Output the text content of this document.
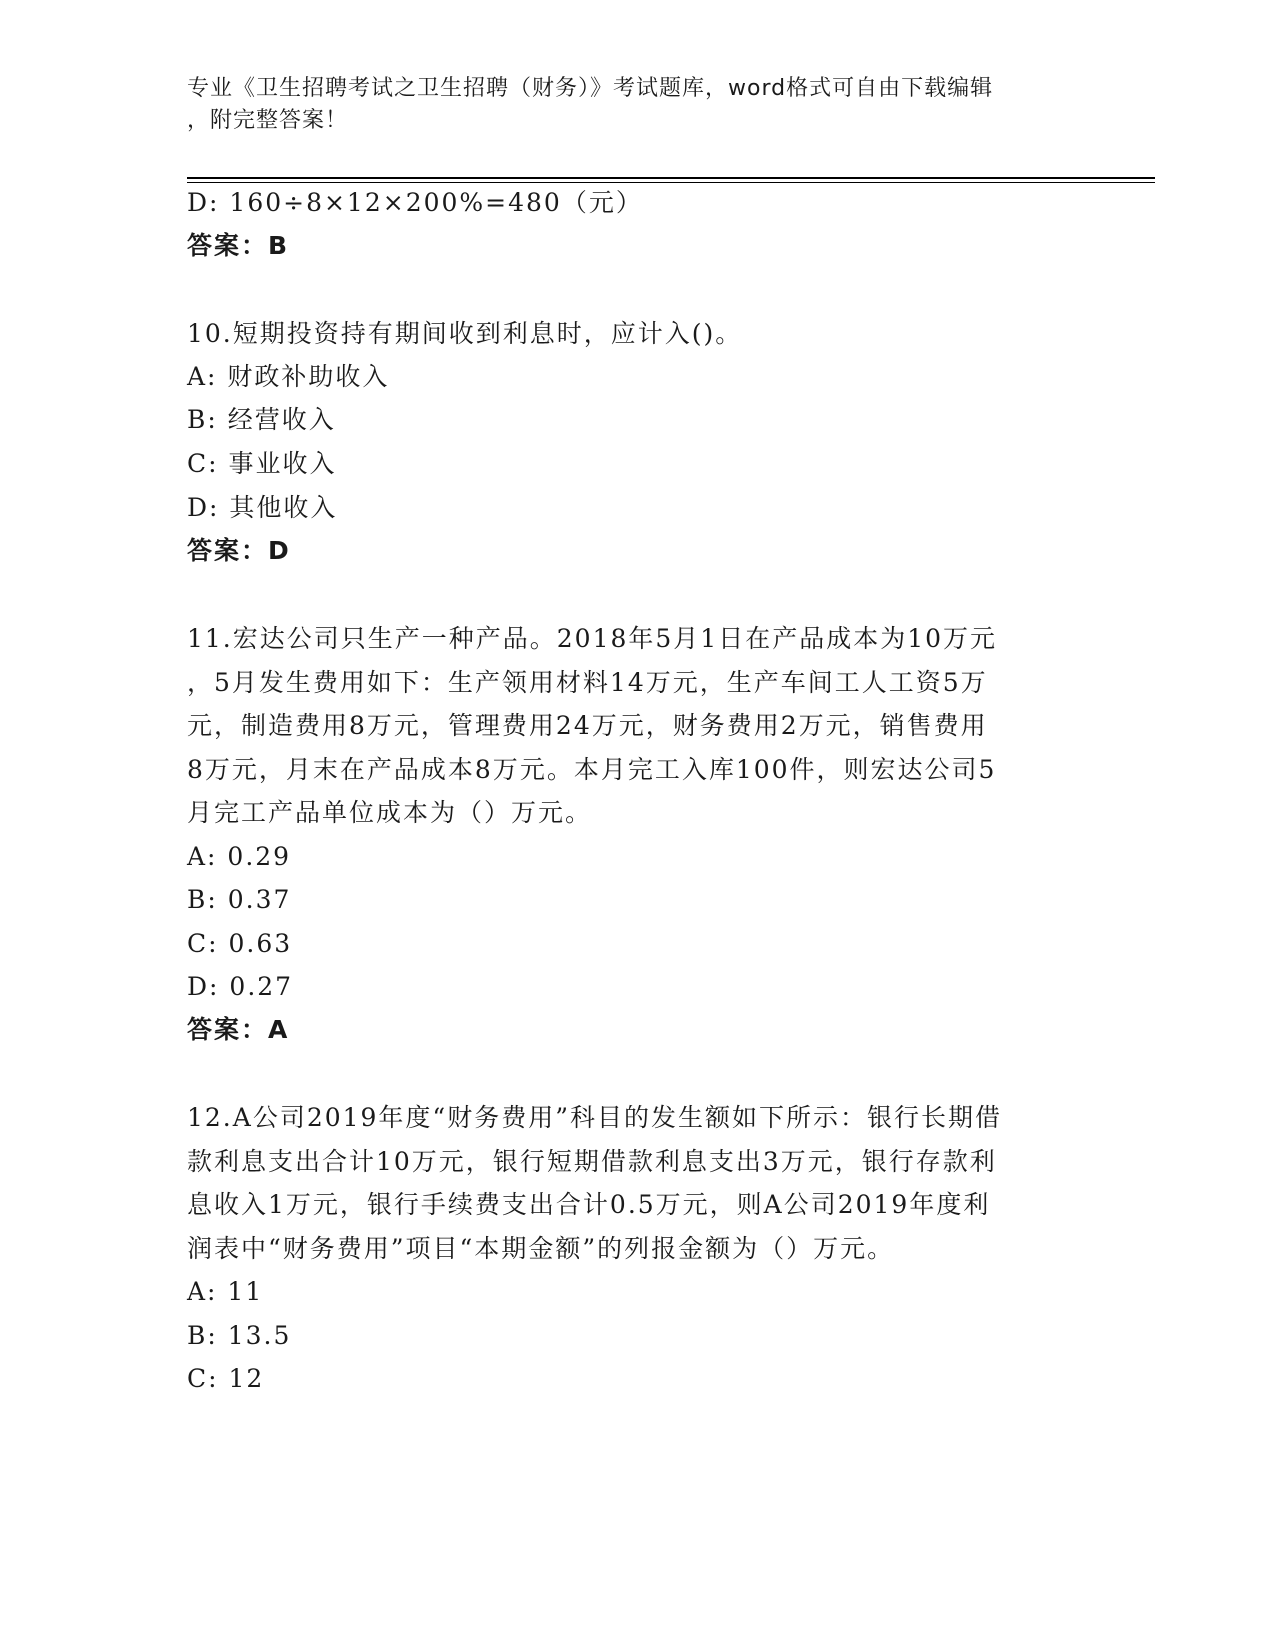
专业《卫生招聘考试之卫生招聘（财务）》考试题库，word格式可自由下载编辑
，附完整答案！
D: 160÷8×12×200%=480（元）
答案：B
10.短期投资持有期间收到利息时，应计入()。
A: 财政补助收入
B: 经营收入
C: 事业收入
D: 其他收入
答案：D
11.宏达公司只生产一种产品。2018年5月1日在产品成本为10万元
，5月发生费用如下：生产领用材料14万元，生产车间工人工资5万
元，制造费用8万元，管理费用24万元，财务费用2万元，销售费用
8万元，月末在产品成本8万元。本月完工入库100件，则宏达公司5
月完工产品单位成本为（）万元。
A: 0.29
B: 0.37
C: 0.63
D: 0.27
答案：A
12.A公司2019年度“财务费用”科目的发生额如下所示：银行长期借
款利息支出合计10万元，银行短期借款利息支出3万元，银行存款利
息收入1万元，银行手续费支出合计0.5万元，则A公司2019年度利
润表中“财务费用”项目“本期金额”的列报金额为（）万元。
A: 11
B: 13.5
C: 12
